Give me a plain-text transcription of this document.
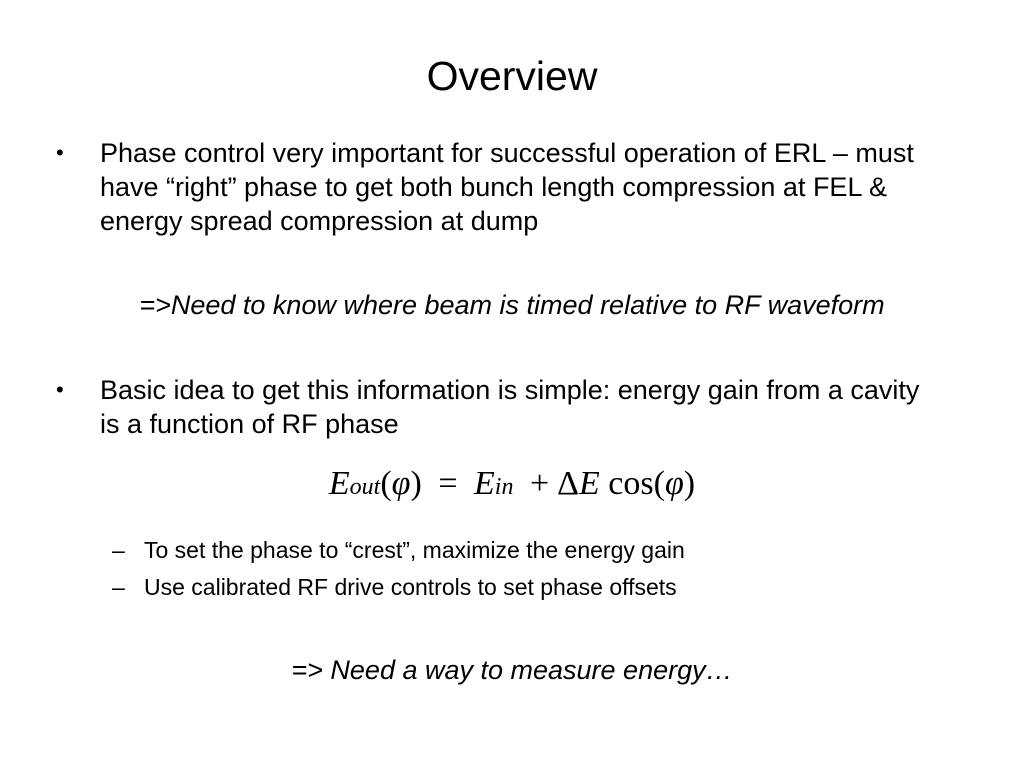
Overview
•	Phase control very important for successful operation of ERL – must have “right” phase to get both bunch length compression at FEL & energy spread compression at dump
=>Need to know where beam is timed relative to RF waveform
•	Basic idea to get this information is simple: energy gain from a cavity is a function of RF phase
Eout(φ) = Ein + ΔE cos(φ)
– To set the phase to “crest”, maximize the energy gain
– Use calibrated RF drive controls to set phase offsets
=> Need a way to measure energy…
